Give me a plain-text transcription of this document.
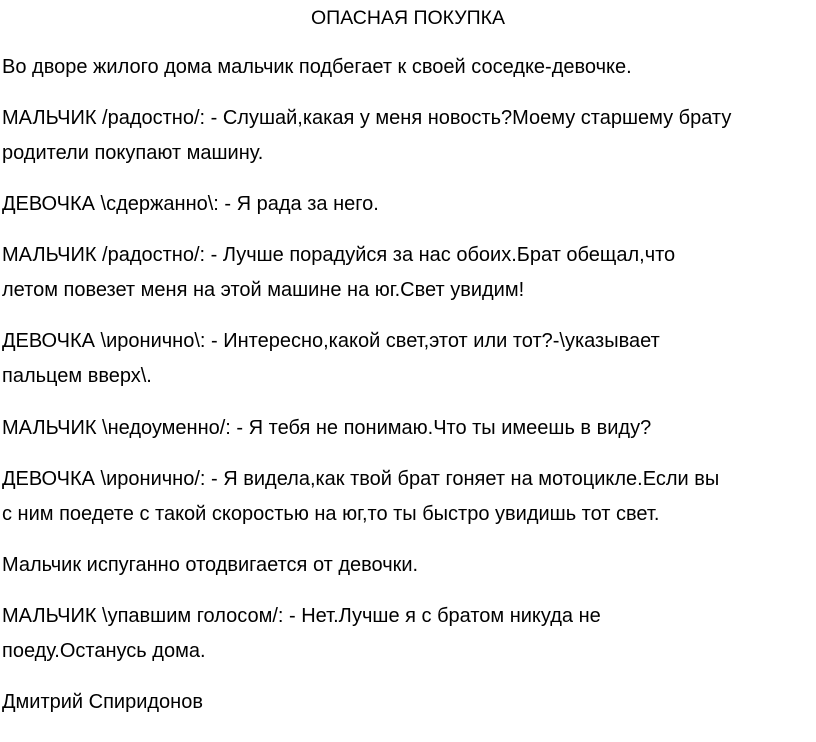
ОПАСНАЯ ПОКУПКА
Во дворе жилого дома мальчик подбегает к своей соседке-девочке.
МАЛЬЧИК /радостно/: - Слушай,какая у меня новость?Моему старшему брату
родители покупают машину.
ДЕВОЧКА \сдержанно\: - Я рада за него.
МАЛЬЧИК /радостно/: - Лучше порадуйся за нас обоих.Брат обещал,что
летом повезет меня на этой машине на юг.Свет увидим!
ДЕВОЧКА \иронично\: - Интересно,какой свет,этот или тот?-\указывает
пальцем вверх\.
МАЛЬЧИК \недоуменно/: - Я тебя не понимаю.Что ты имеешь в виду?
ДЕВОЧКА \иронично/: - Я видела,как твой брат гоняет на мотоцикле.Если вы
с ним поедете с такой скоростью на юг,то ты быстро увидишь тот свет.
Мальчик испуганно отодвигается от девочки.
МАЛЬЧИК \упавшим голосом/: - Нет.Лучше я с братом никуда не
поеду.Останусь дома.
Дмитрий Спиридонов
